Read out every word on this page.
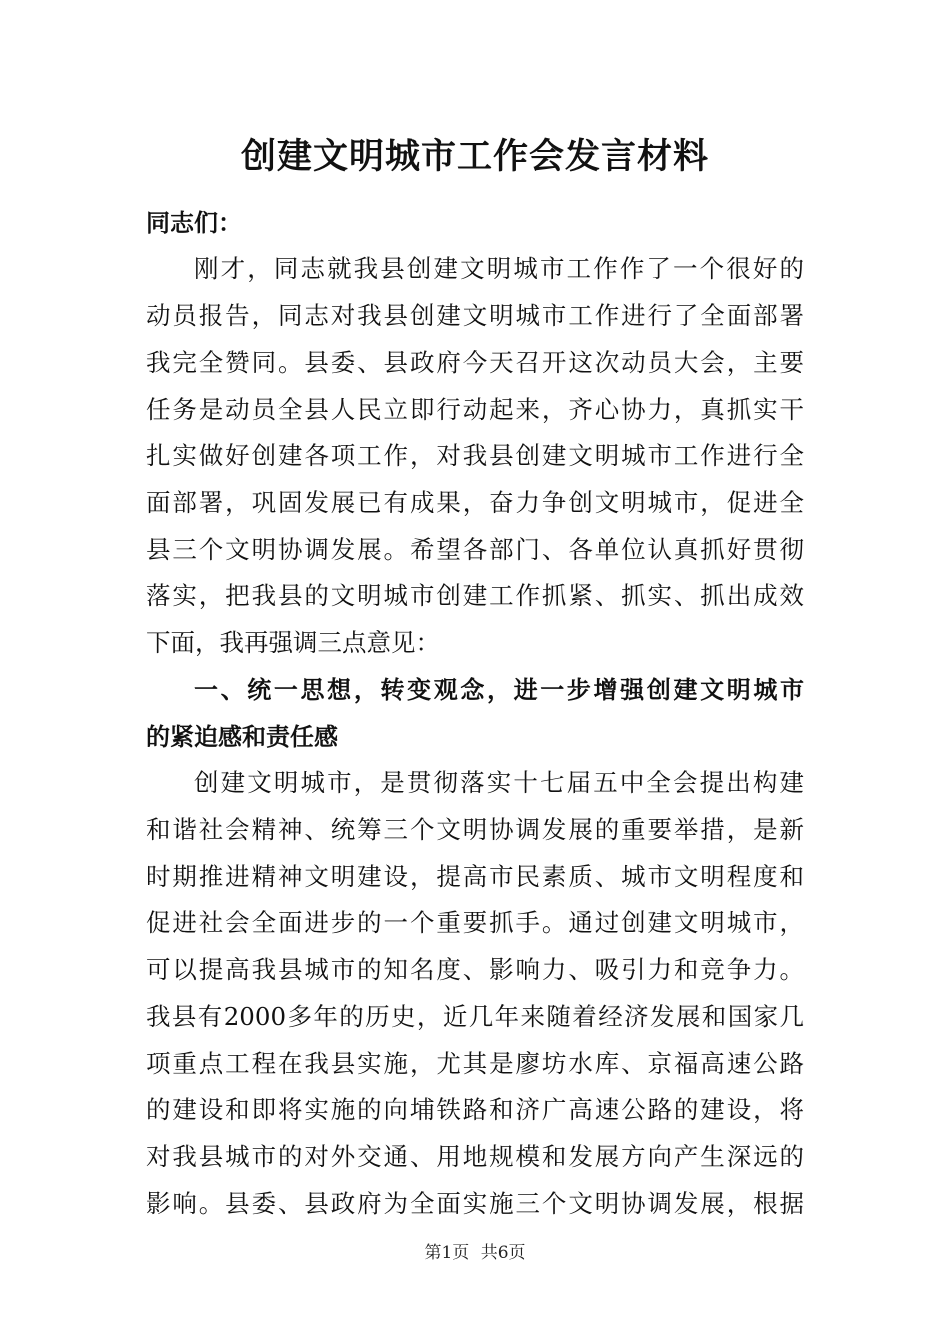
创建文明城市工作会发言材料
同志们：
刚才，同志就我县创建文明城市工作作了一个很好的
动员报告，同志对我县创建文明城市工作进行了全面部署
我完全赞同。县委、县政府今天召开这次动员大会，主要
任务是动员全县人民立即行动起来，齐心协力，真抓实干
扎实做好创建各项工作，对我县创建文明城市工作进行全
面部署，巩固发展已有成果，奋力争创文明城市，促进全
县三个文明协调发展。希望各部门、各单位认真抓好贯彻
落实，把我县的文明城市创建工作抓紧、抓实、抓出成效
下面，我再强调三点意见：
一、统一思想，转变观念，进一步增强创建文明城市
的紧迫感和责任感
创建文明城市，是贯彻落实十七届五中全会提出构建
和谐社会精神、统筹三个文明协调发展的重要举措，是新
时期推进精神文明建设，提高市民素质、城市文明程度和
促进社会全面进步的一个重要抓手。通过创建文明城市，
可以提高我县城市的知名度、影响力、吸引力和竞争力。
我县有2000多年的历史，近几年来随着经济发展和国家几
项重点工程在我县实施，尤其是廖坊水库、京福高速公路
的建设和即将实施的向埔铁路和济广高速公路的建设，将
对我县城市的对外交通、用地规模和发展方向产生深远的
影响。县委、县政府为全面实施三个文明协调发展，根据
第1页 共6页
